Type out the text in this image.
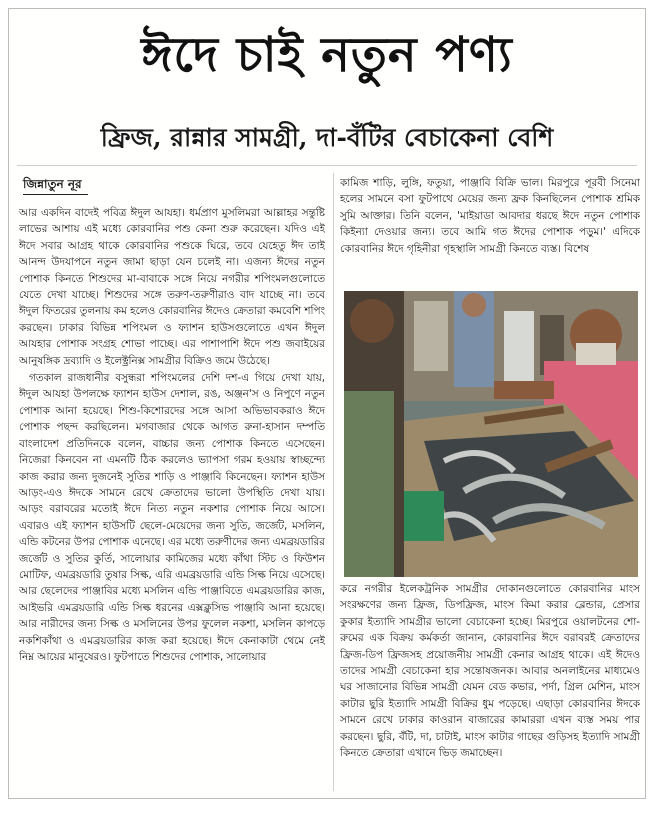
ঈদে চাই নতুন পণ্য
ফ্রিজ, রান্নার সামগ্রী, দা-বঁটির বেচাকেনা বেশি
জিন্নাতুন নূর

আর একদিন বাদেই পবিত্র ঈদুল আযহা। ধর্মপ্রাণ মুসলিমরা আল্লাহর সন্তুষ্টি লাভের আশায় এই মধ্যে কোরবানির পশু কেনা শুরু করেছেন। যদিও এই ঈদে সবার আগ্রহ থাকে কোরবানির পশুকে ঘিরে, তবে যেহেতু ঈদ তাই আনন্দ উদযাপনে নতুন জামা ছাড়া যেন চলেই না। এজন্য ঈদের নতুন পোশাক কিনতে শিশুদের মা-বাবাকে সঙ্গে নিয়ে নগরীর শপিংমলগুলোতে যেতে দেখা যাচ্ছে। শিশুদের সঙ্গে তরুণ-তরুণীরাও বাদ যাচ্ছে না। তবে ঈদুল ফিতরের তুলনায় কম হলেও কোরবানির ঈদেও ক্রেতারা কমবেশি শপিং করছেন। ঢাকার বিভিন্ন শপিংমল ও ফ্যাশন হাউসগুলোতে এখন ঈদুল আযহার পোশাক সংগ্রহ শোভা পাচ্ছে। এর পাশাপাশি ঈদে পশু জবাইয়ের আনুষঙ্গিক দ্রব্যাদি ও ইলেক্ট্রনিক্স সামগ্রীর বিক্রিও জমে উঠেছে।

গতকাল রাজধানীর বসুন্ধরা শপিংমলের দেশি দশ-এ গিয়ে দেখা যায়, ঈদুল আযহা উপলক্ষে ফ্যাশন হাউস দেশাল, রঙ, অঞ্জন'স ও নিপুণে নতুন পোশাক আনা হয়েছে। শিশু-কিশোরদের সঙ্গে আসা অভিভাবকরাও ঈদে পোশাক পছন্দ করছিলেন। মগবাজার থেকে আগত রুনা-হাসান দম্পতি বাংলাদেশ প্রতিদিনকে বলেন, বাচ্চার জন্য পোশাক কিনতে এসেছেন। নিজেরা কিনবেন না এমনটি ঠিক করলেও ভ্যাপসা গরম হওয়ায় স্বাচ্ছন্দ্যে কাজ করার জন্য দুজনেই সুতির শাড়ি ও পাঞ্জাবি কিনেছেন। ফ্যাশন হাউস আড়ং-এও ঈদকে সামনে রেখে ক্রেতাদের ভালো উপস্থিতি দেখা যায়। আড়ং বরাবরের মতোই ঈদে নিত্য নতুন নকশার পোশাক নিয়ে আসে। এবারও এই ফ্যাশন হাউসটি ছেলে-মেয়েদের জন্য সুতি, জর্জেট, মসলিন, এন্ডি কটনের উপর পোশাক এনেছে। এর মধ্যে তরুণীদের জন্য এমব্রয়ডারির জর্জেট ও সুতির কুর্তি, সালোয়ার কামিজের মধ্যে কাঁথা স্টিচ ও ফিউশন মোটিফ, এমব্রয়ডারি তুষার সিল্ক, এরি এমব্রয়ডারি এন্ডি সিল্ক নিয়ে এসেছে। আর ছেলেদের পাঞ্জাবির মধ্যে মসলিন এন্ডি পাঞ্জাবিতে এমব্রয়ডারির কাজ, আইভরি এমব্রয়ডারি এন্ডি সিল্ক ধরনের এক্সক্লুসিভ পাঞ্জাবি আনা হয়েছে। আর নারীদের জন্য সিল্ক ও মসলিনের উপর ফুলেল নকশা, মসলিন কাপড়ে নকশিকাঁথা ও এমব্রয়ডারির কাজ করা হয়েছে। ঈদে কেনাকাটা থেমে নেই নিম্ন আয়ের মানুষেরও। ফুটপাতে শিশুদের পোশাক, সালোয়ার

কামিজ শাড়ি, লুঙ্গি, ফতুয়া, পাঞ্জাবি বিক্রি ভাল। মিরপুরে পূরবী সিনেমা হলের সামনে বসা ফুটপাথে মেয়ের জন্য ফ্রক কিনছিলেন পোশাক শ্রমিক সুমি আক্তার। তিনি বলেন, 'মাইয়াডা আবদার ধরছে ঈদে নতুন পোশাক কিইন্যা দেওয়ার জন্য। তবে আমি গত ঈদের পোশাক পড়ুম।' এদিকে কোরবানির ঈদে গৃহিনীরা গৃহস্থালি সামগ্রী কিনতে ব্যস্ত। বিশেষ

করে নগরীর ইলেকট্রনিক সামগ্রীর দোকানগুলোতে কোরবানির মাংস সংরক্ষণের জন্য ফ্রিজ, ডিপফ্রিজ, মাংস কিমা করার ব্লেন্ডার, প্রেসার কুকার ইত্যাদি সামগ্রীর ভালো বেচাকেনা হচ্ছে। মিরপুরে ওয়ালটনের শো-রুমের এক বিক্রয় কর্মকর্তা জানান, কোরবানির ঈদে বরাবরই ক্রেতাদের ফ্রিজ-ডিপ ফ্রিজসহ প্রয়োজনীয় সামগ্রী কেনার আগ্রহ থাকে। এই ঈদেও তাদের সামগ্রী বেচাকেনা হার সন্তোষজনক। আবার অনলাইনের মাধ্যমেও ঘর সাজানোর বিভিন্ন সামগ্রী যেমন বেড কভার, পর্দা, গ্রিল মেশিন, মাংস কাটার ছুরি ইত্যাদি সামগ্রী বিক্রির ধুম পড়েছে। এছাড়া কোরবানির ঈদকে সামনে রেখে ঢাকার কাওরান বাজারের কামাররা এখন ব্যস্ত সময় পার করছেন। ছুরি, বঁটি, দা, চাটাই, মাংস কাটার গাছের গুড়িসহ ইত্যাদি সামগ্রী কিনতে ক্রেতারা এখানে ভিড় জমাচ্ছেন।
